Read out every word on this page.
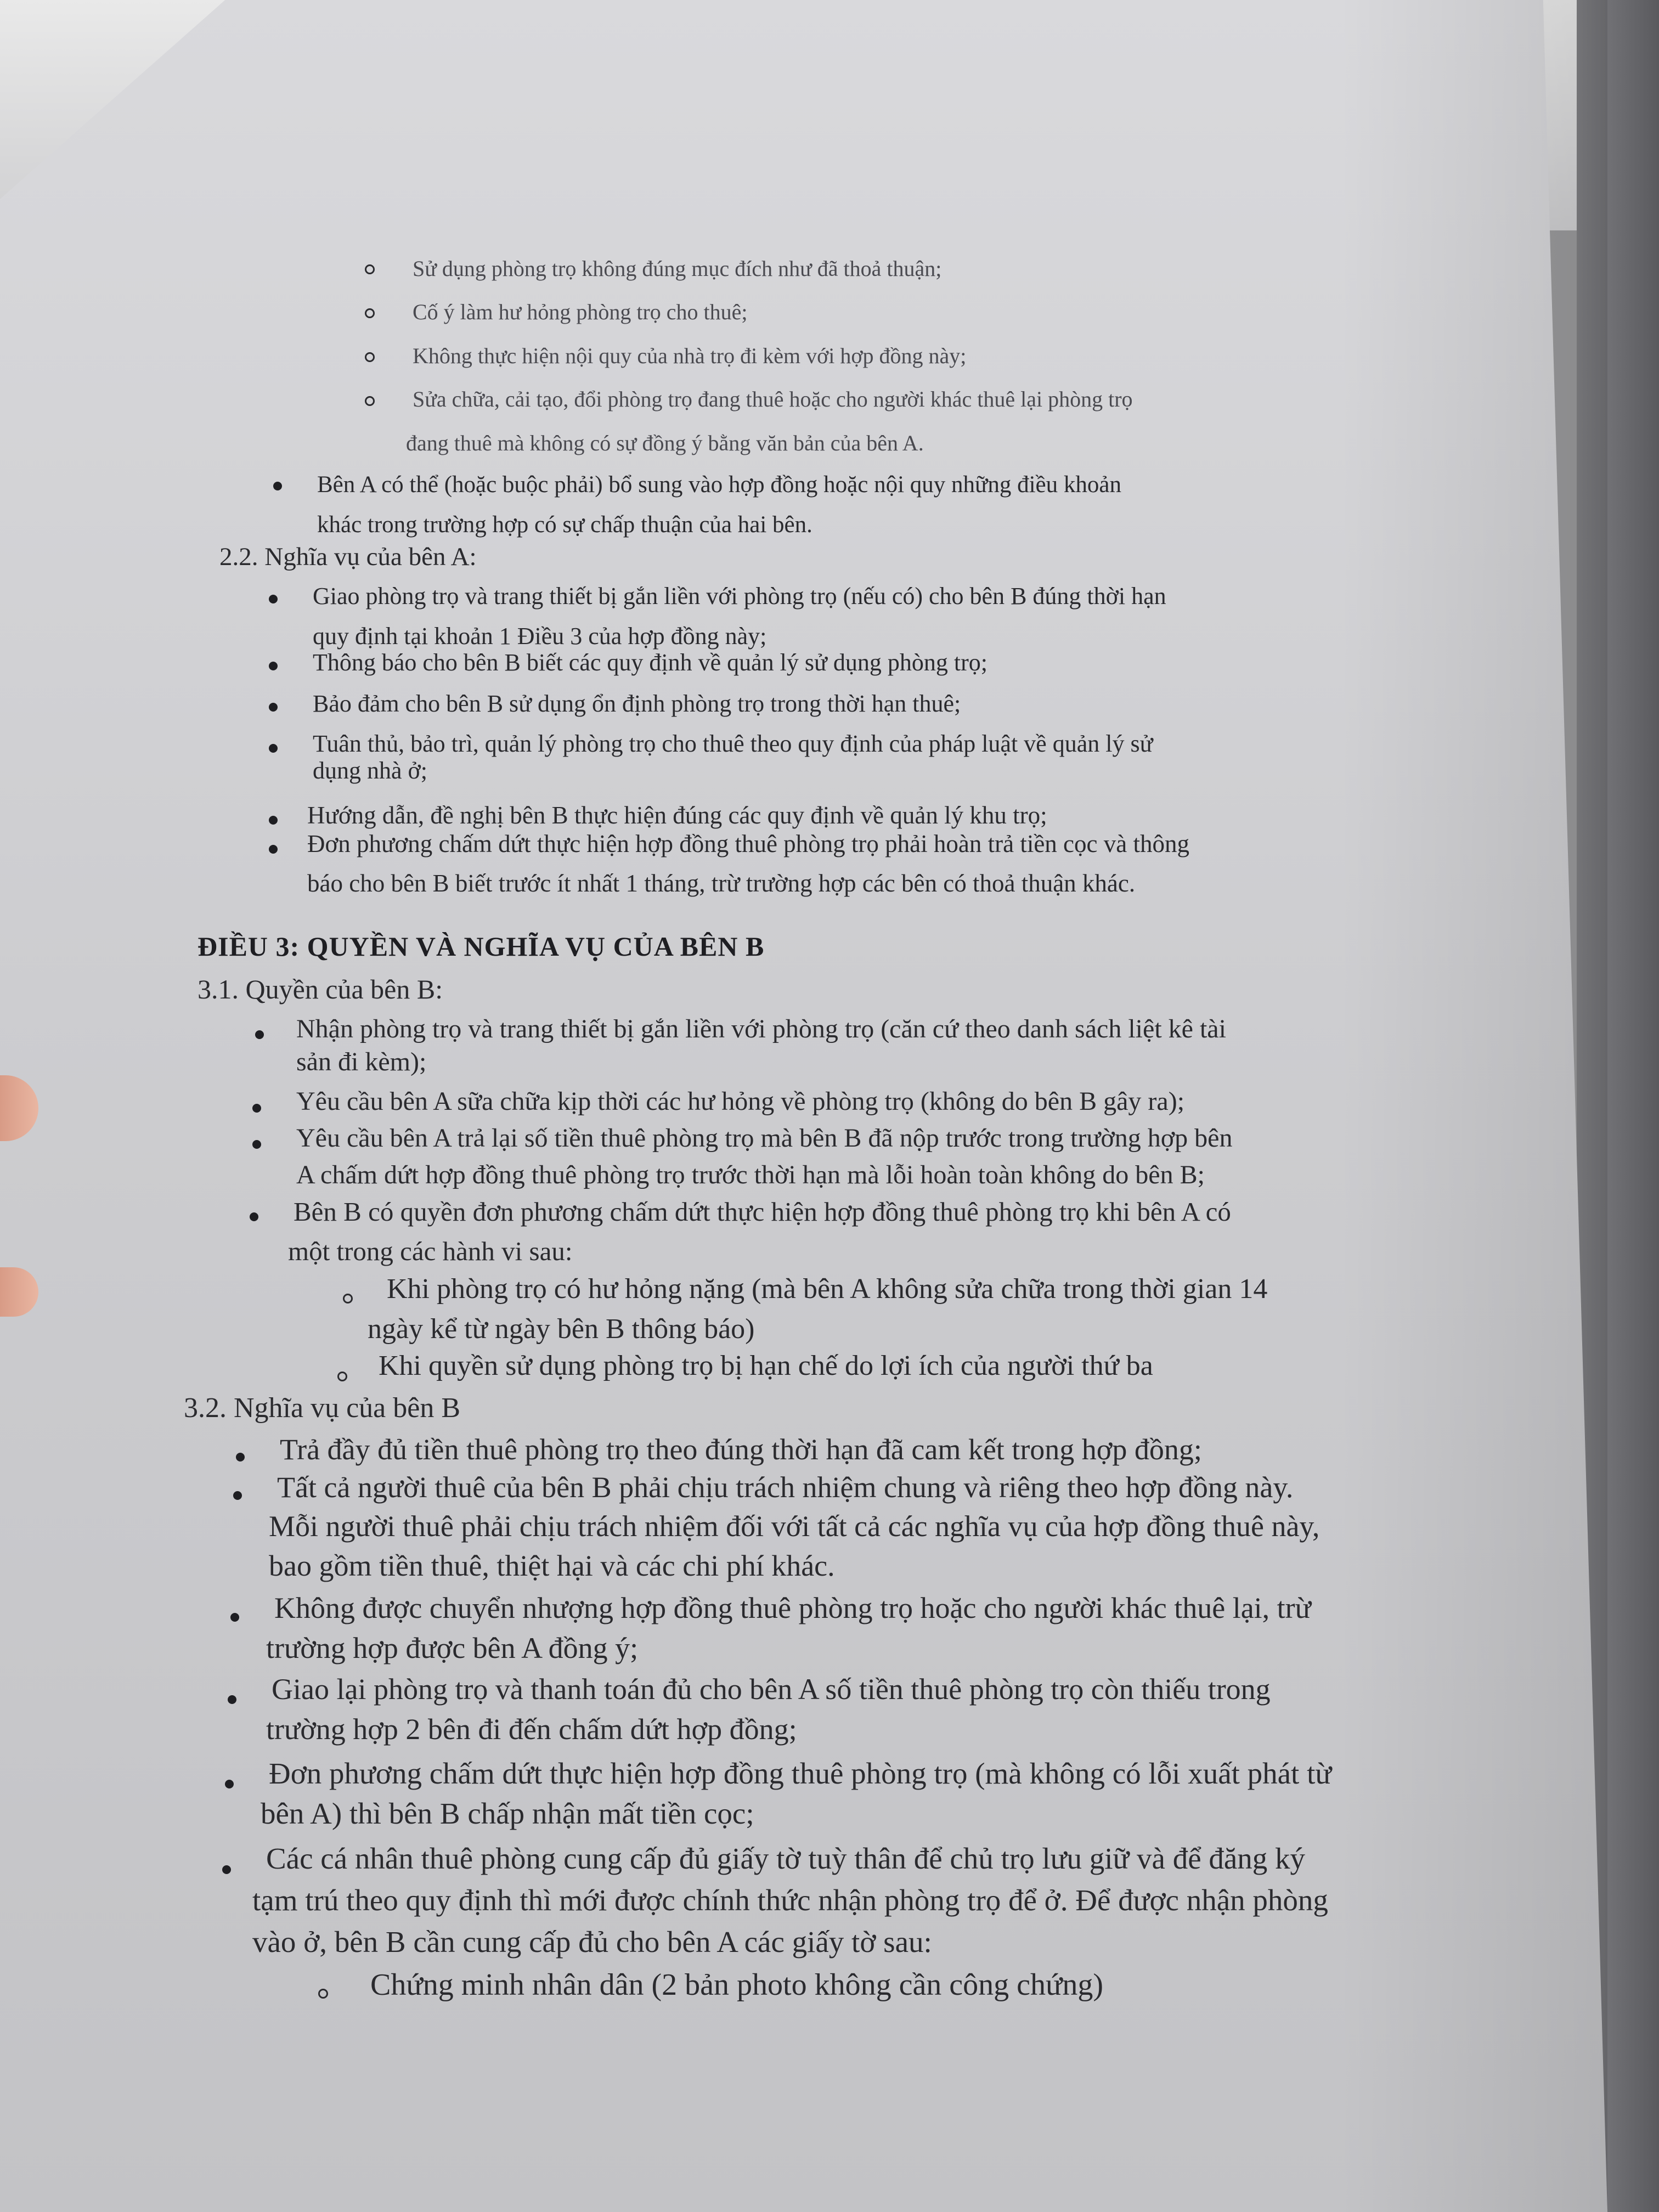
Sử dụng phòng trọ không đúng mục đích như đã thoả thuận;
Cố ý làm hư hỏng phòng trọ cho thuê;
Không thực hiện nội quy của nhà trọ đi kèm với hợp đồng này;
Sửa chữa, cải tạo, đổi phòng trọ đang thuê hoặc cho người khác thuê lại phòng trọ
đang thuê mà không có sự đồng ý bằng văn bản của bên A.
Bên A có thể (hoặc buộc phải) bổ sung vào hợp đồng hoặc nội quy những điều khoản
khác trong trường hợp có sự chấp thuận của hai bên.
2.2. Nghĩa vụ của bên A:
Giao phòng trọ và trang thiết bị gắn liền với phòng trọ (nếu có) cho bên B đúng thời hạn
quy định tại khoản 1 Điều 3 của hợp đồng này;
Thông báo cho bên B biết các quy định về quản lý sử dụng phòng trọ;
Bảo đảm cho bên B sử dụng ổn định phòng trọ trong thời hạn thuê;
Tuân thủ, bảo trì, quản lý phòng trọ cho thuê theo quy định của pháp luật về quản lý sử
dụng nhà ở;
Hướng dẫn, đề nghị bên B thực hiện đúng các quy định về quản lý khu trọ;
Đơn phương chấm dứt thực hiện hợp đồng thuê phòng trọ phải hoàn trả tiền cọc và thông
báo cho bên B biết trước ít nhất 1 tháng, trừ trường hợp các bên có thoả thuận khác.
ĐIỀU 3: QUYỀN VÀ NGHĨA VỤ CỦA BÊN B
3.1. Quyền của bên B:
Nhận phòng trọ và trang thiết bị gắn liền với phòng trọ (căn cứ theo danh sách liệt kê tài
sản đi kèm);
Yêu cầu bên A sữa chữa kịp thời các hư hỏng về phòng trọ (không do bên B gây ra);
Yêu cầu bên A trả lại số tiền thuê phòng trọ mà bên B đã nộp trước trong trường hợp bên
A chấm dứt hợp đồng thuê phòng trọ trước thời hạn mà lỗi hoàn toàn không do bên B;
Bên B có quyền đơn phương chấm dứt thực hiện hợp đồng thuê phòng trọ khi bên A có
một trong các hành vi sau:
Khi phòng trọ có hư hỏng nặng (mà bên A không sửa chữa trong thời gian 14
ngày kể từ ngày bên B thông báo)
Khi quyền sử dụng phòng trọ bị hạn chế do lợi ích của người thứ ba
3.2. Nghĩa vụ của bên B
Trả đầy đủ tiền thuê phòng trọ theo đúng thời hạn đã cam kết trong hợp đồng;
Tất cả người thuê của bên B phải chịu trách nhiệm chung và riêng theo hợp đồng này.
Mỗi người thuê phải chịu trách nhiệm đối với tất cả các nghĩa vụ của hợp đồng thuê này,
bao gồm tiền thuê, thiệt hại và các chi phí khác.
Không được chuyển nhượng hợp đồng thuê phòng trọ hoặc cho người khác thuê lại, trừ
trường hợp được bên A đồng ý;
Giao lại phòng trọ và thanh toán đủ cho bên A số tiền thuê phòng trọ còn thiếu trong
trường hợp 2 bên đi đến chấm dứt hợp đồng;
Đơn phương chấm dứt thực hiện hợp đồng thuê phòng trọ (mà không có lỗi xuất phát từ
bên A) thì bên B chấp nhận mất tiền cọc;
Các cá nhân thuê phòng cung cấp đủ giấy tờ tuỳ thân để chủ trọ lưu giữ và để đăng ký
tạm trú theo quy định thì mới được chính thức nhận phòng trọ để ở. Để được nhận phòng
vào ở, bên B cần cung cấp đủ cho bên A các giấy tờ sau:
Chứng minh nhân dân (2 bản photo không cần công chứng)
